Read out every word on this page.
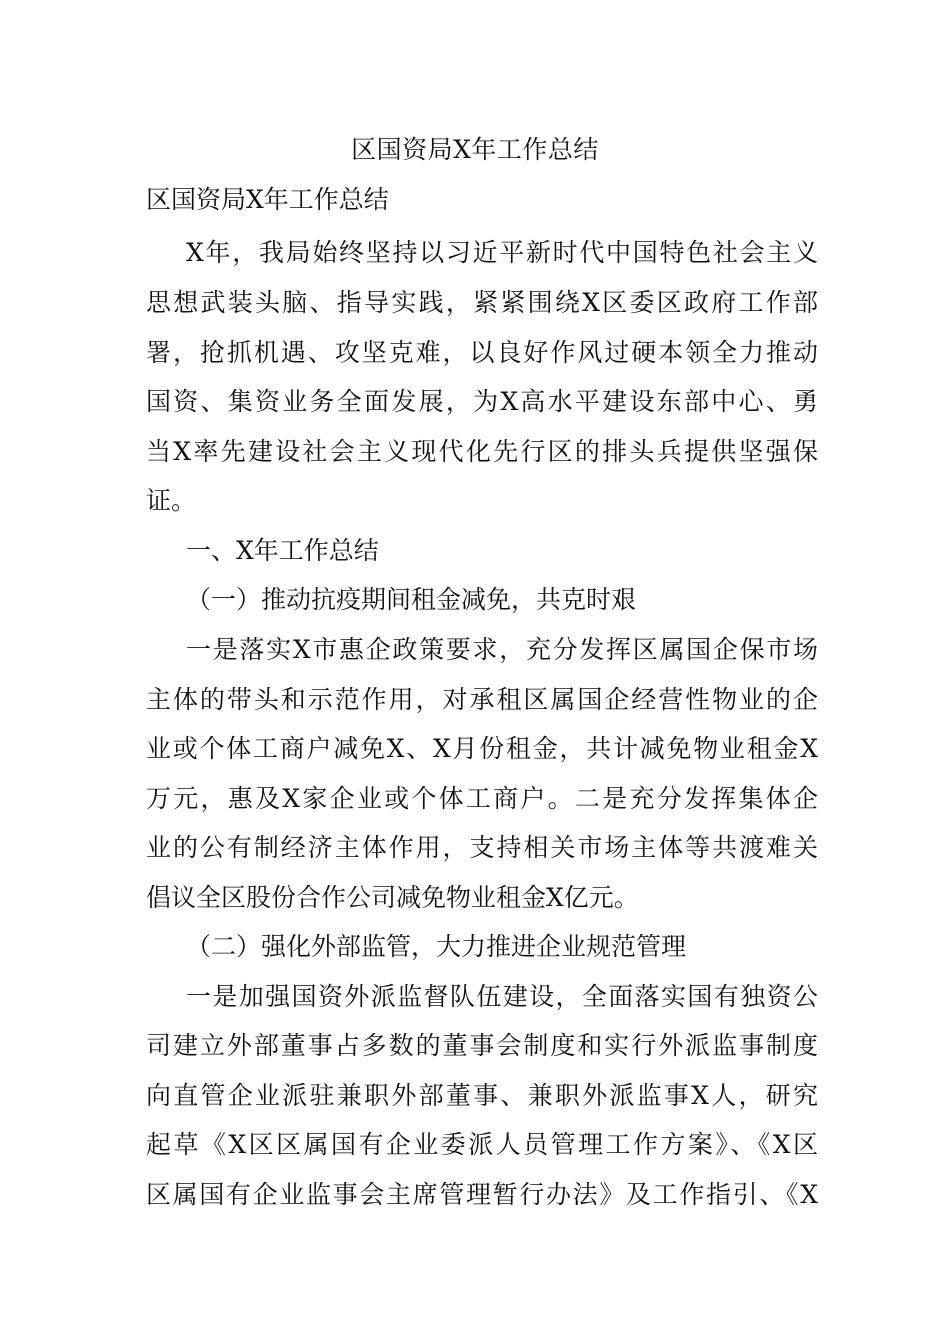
区国资局X年工作总结
区国资局X年工作总结
X年，我局始终坚持以习近平新时代中国特色社会主义
思想武装头脑、指导实践，紧紧围绕X区委区政府工作部
署，抢抓机遇、攻坚克难，以良好作风过硬本领全力推动
国资、集资业务全面发展，为X高水平建设东部中心、勇
当X率先建设社会主义现代化先行区的排头兵提供坚强保
证。
一、X年工作总结
（一）推动抗疫期间租金减免，共克时艰
一是落实X市惠企政策要求，充分发挥区属国企保市场
主体的带头和示范作用，对承租区属国企经营性物业的企
业或个体工商户减免X、X月份租金，共计减免物业租金X
万元，惠及X家企业或个体工商户。二是充分发挥集体企
业的公有制经济主体作用，支持相关市场主体等共渡难关
倡议全区股份合作公司减免物业租金X亿元。
（二）强化外部监管，大力推进企业规范管理
一是加强国资外派监督队伍建设，全面落实国有独资公
司建立外部董事占多数的董事会制度和实行外派监事制度
向直管企业派驻兼职外部董事、兼职外派监事X人，研究
起草《X区区属国有企业委派人员管理工作方案》、《X区
区属国有企业监事会主席管理暂行办法》及工作指引、《X
